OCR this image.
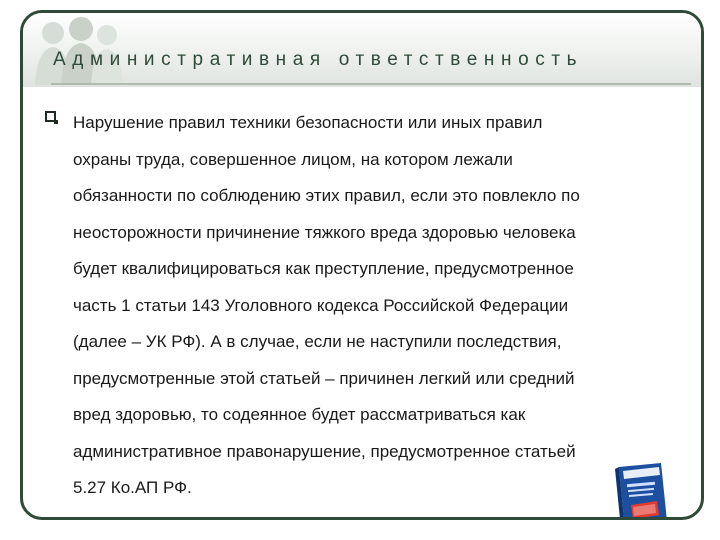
Административная ответственность

Нарушение правил техники безопасности или иных правил
охраны труда, совершенное лицом, на котором лежали
обязанности по соблюдению этих правил, если это повлекло по
неосторожности причинение тяжкого вреда здоровью человека
будет квалифицироваться как преступление, предусмотренное
часть 1 статьи 143 Уголовного кодекса Российской Федерации
(далее – УК РФ). А в случае, если не наступили последствия,
предусмотренные этой статьей – причинен легкий или средний
вред здоровью, то содеянное будет рассматриваться как
административное правонарушение, предусмотренное статьей
5.27 Ко.АП РФ.
